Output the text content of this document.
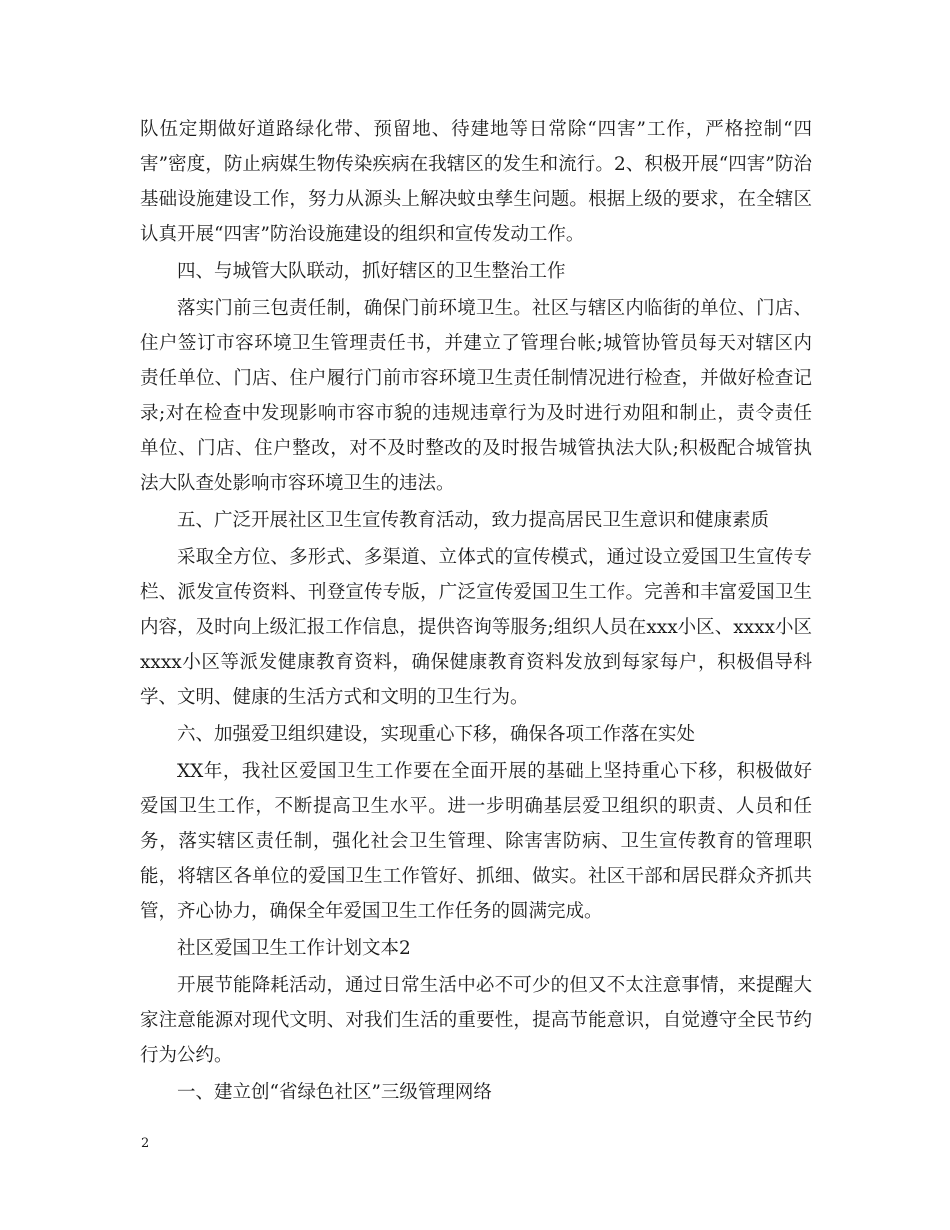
队伍定期做好道路绿化带、预留地、待建地等日常除“四害”工作，严格控制“四害”密度，防止病媒生物传染疾病在我辖区的发生和流行。2、积极开展“四害”防治基础设施建设工作，努力从源头上解决蚊虫孳生问题。根据上级的要求，在全辖区认真开展“四害”防治设施建设的组织和宣传发动工作。

四、与城管大队联动，抓好辖区的卫生整治工作

落实门前三包责任制，确保门前环境卫生。社区与辖区内临街的单位、门店、住户签订市容环境卫生管理责任书，并建立了管理台帐;城管协管员每天对辖区内责任单位、门店、住户履行门前市容环境卫生责任制情况进行检查，并做好检查记录;对在检查中发现影响市容市貌的违规违章行为及时进行劝阻和制止，责令责任单位、门店、住户整改，对不及时整改的及时报告城管执法大队;积极配合城管执法大队查处影响市容环境卫生的违法。

五、广泛开展社区卫生宣传教育活动，致力提高居民卫生意识和健康素质

采取全方位、多形式、多渠道、立体式的宣传模式，通过设立爱国卫生宣传专栏、派发宣传资料、刊登宣传专版，广泛宣传爱国卫生工作。完善和丰富爱国卫生内容，及时向上级汇报工作信息，提供咨询等服务;组织人员在xxx小区、xxxx小区xxxx小区等派发健康教育资料，确保健康教育资料发放到每家每户，积极倡导科学、文明、健康的生活方式和文明的卫生行为。

六、加强爱卫组织建设，实现重心下移，确保各项工作落在实处

XX年，我社区爱国卫生工作要在全面开展的基础上坚持重心下移，积极做好爱国卫生工作，不断提高卫生水平。进一步明确基层爱卫组织的职责、人员和任务，落实辖区责任制，强化社会卫生管理、除害害防病、卫生宣传教育的管理职能，将辖区各单位的爱国卫生工作管好、抓细、做实。社区干部和居民群众齐抓共管，齐心协力，确保全年爱国卫生工作任务的圆满完成。

社区爱国卫生工作计划文本2

开展节能降耗活动，通过日常生活中必不可少的但又不太注意事情，来提醒大家注意能源对现代文明、对我们生活的重要性，提高节能意识，自觉遵守全民节约行为公约。

一、建立创“省绿色社区”三级管理网络

2
